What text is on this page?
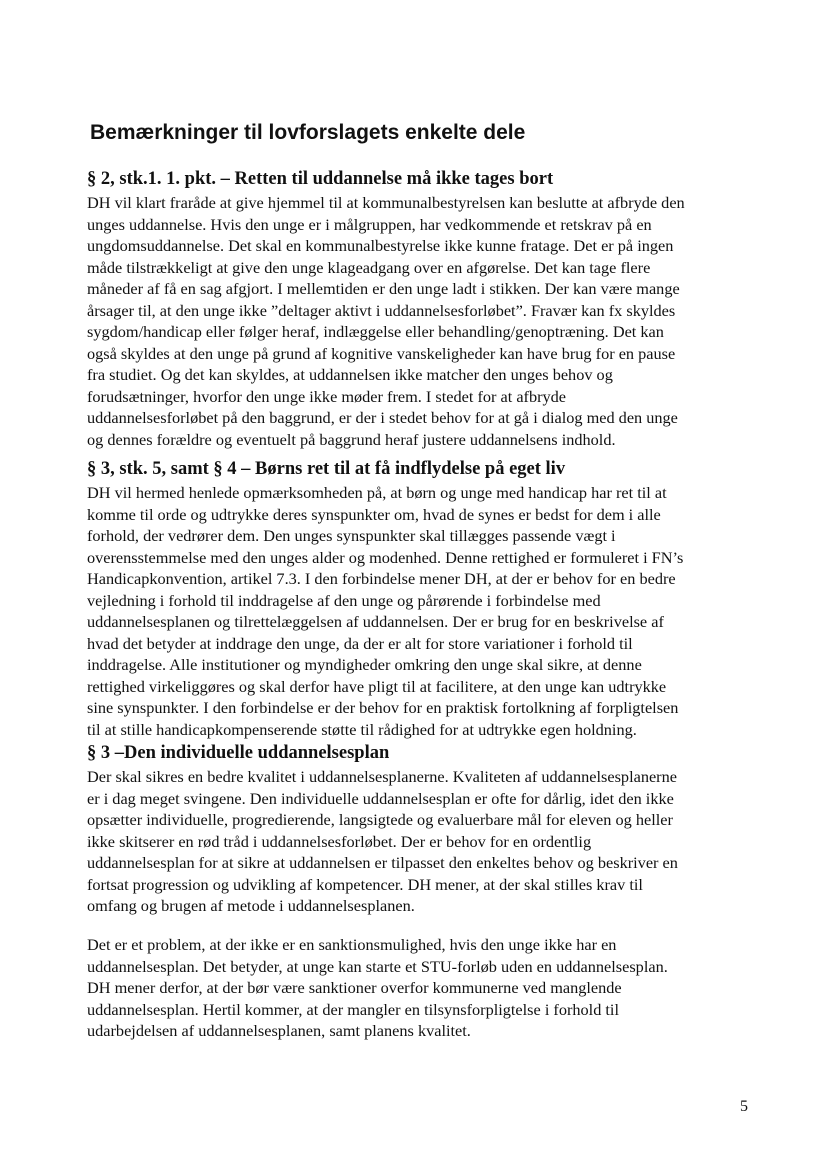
Bemærkninger til lovforslagets enkelte dele
§ 2, stk.1. 1. pkt. – Retten til uddannelse må ikke tages bort

DH vil klart fraråde at give hjemmel til at kommunalbestyrelsen kan beslutte at afbryde den
unges uddannelse. Hvis den unge er i målgruppen, har vedkommende et retskrav på en
ungdomsuddannelse. Det skal en kommunalbestyrelse ikke kunne fratage. Det er på ingen
måde tilstrækkeligt at give den unge klageadgang over en afgørelse. Det kan tage flere
måneder af få en sag afgjort. I mellemtiden er den unge ladt i stikken. Der kan være mange
årsager til, at den unge ikke ”deltager aktivt i uddannelsesforløbet”. Fravær kan fx skyldes
sygdom/handicap eller følger heraf, indlæggelse eller behandling/genoptræning. Det kan
også skyldes at den unge på grund af kognitive vanskeligheder kan have brug for en pause
fra studiet. Og det kan skyldes, at uddannelsen ikke matcher den unges behov og
forudsætninger, hvorfor den unge ikke møder frem. I stedet for at afbryde
uddannelsesforløbet på den baggrund, er der i stedet behov for at gå i dialog med den unge
og dennes forældre og eventuelt på baggrund heraf justere uddannelsens indhold.

§ 3, stk. 5, samt § 4 – Børns ret til at få indflydelse på eget liv

DH vil hermed henlede opmærksomheden på, at børn og unge med handicap har ret til at
komme til orde og udtrykke deres synspunkter om, hvad de synes er bedst for dem i alle
forhold, der vedrører dem. Den unges synspunkter skal tillægges passende vægt i
overensstemmelse med den unges alder og modenhed. Denne rettighed er formuleret i FN’s
Handicapkonvention, artikel 7.3. I den forbindelse mener DH, at der er behov for en bedre
vejledning i forhold til inddragelse af den unge og pårørende i forbindelse med
uddannelsesplanen og tilrettelæggelsen af uddannelsen. Der er brug for en beskrivelse af
hvad det betyder at inddrage den unge, da der er alt for store variationer i forhold til
inddragelse. Alle institutioner og myndigheder omkring den unge skal sikre, at denne
rettighed virkeliggøres og skal derfor have pligt til at facilitere, at den unge kan udtrykke
sine synspunkter. I den forbindelse er der behov for en praktisk fortolkning af forpligtelsen
til at stille handicapkompenserende støtte til rådighed for at udtrykke egen holdning.

§ 3 –Den individuelle uddannelsesplan

Der skal sikres en bedre kvalitet i uddannelsesplanerne. Kvaliteten af uddannelsesplanerne
er i dag meget svingene. Den individuelle uddannelsesplan er ofte for dårlig, idet den ikke
opsætter individuelle, progredierende, langsigtede og evaluerbare mål for eleven og heller
ikke skitserer en rød tråd i uddannelsesforløbet. Der er behov for en ordentlig
uddannelsesplan for at sikre at uddannelsen er tilpasset den enkeltes behov og beskriver en
fortsat progression og udvikling af kompetencer. DH mener, at der skal stilles krav til
omfang og brugen af metode i uddannelsesplanen.

Det er et problem, at der ikke er en sanktionsmulighed, hvis den unge ikke har en
uddannelsesplan. Det betyder, at unge kan starte et STU-forløb uden en uddannelsesplan.
DH mener derfor, at der bør være sanktioner overfor kommunerne ved manglende
uddannelsesplan. Hertil kommer, at der mangler en tilsynsforpligtelse i forhold til
udarbejdelsen af uddannelsesplanen, samt planens kvalitet.

5
